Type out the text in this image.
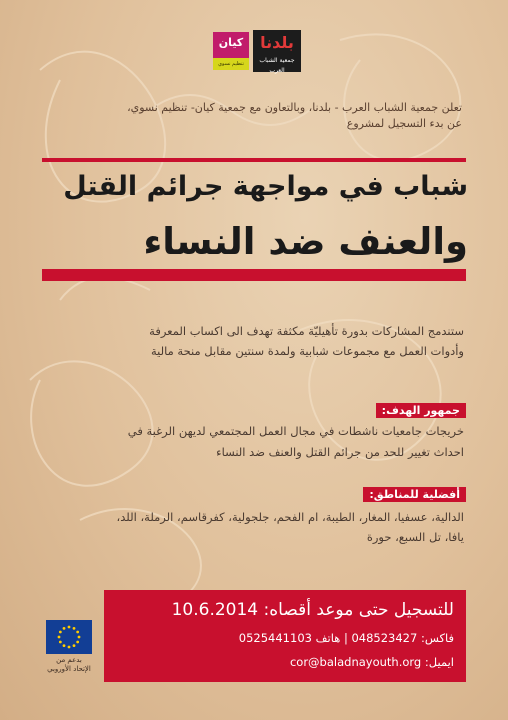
بلدنا
جمعية الشباب العرب
كيان
تنظيم نسوي

تعلن جمعية الشباب العرب - بلدنا، وبالتعاون مع جمعية كيان- تنظيم نسوي،

عن بدء التسجيل لمشروع

شباب في مواجهة جرائم القتل
والعنف ضد النساء

ستندمج المشاركات بدورة تأهيليّة مكثفة تهدف الى اكساب المعرفة

وأدوات العمل مع مجموعات شبابية ولمدة سنتين مقابل منحة مالية

جمهور الهدف:

خريجات جامعيات ناشطات في مجال العمل المجتمعي لديهن الرغبة في

احداث تغيير للحد من جرائم القتل والعنف ضد النساء

أفضلية للمناطق:

الدالية، عسفيا، المغار، الطيبة، ام الفحم، جلجولية، كفرقاسم، الرملة، اللد،

يافا، تل السبع، حورة

للتسجيل حتى موعد أقصاه: 10.6.2014

فاكس: 048523427 | هاتف 0525441103

ايميل: cor@baladnayouth.org

بدعم من
الإتحاد الأوروبي
